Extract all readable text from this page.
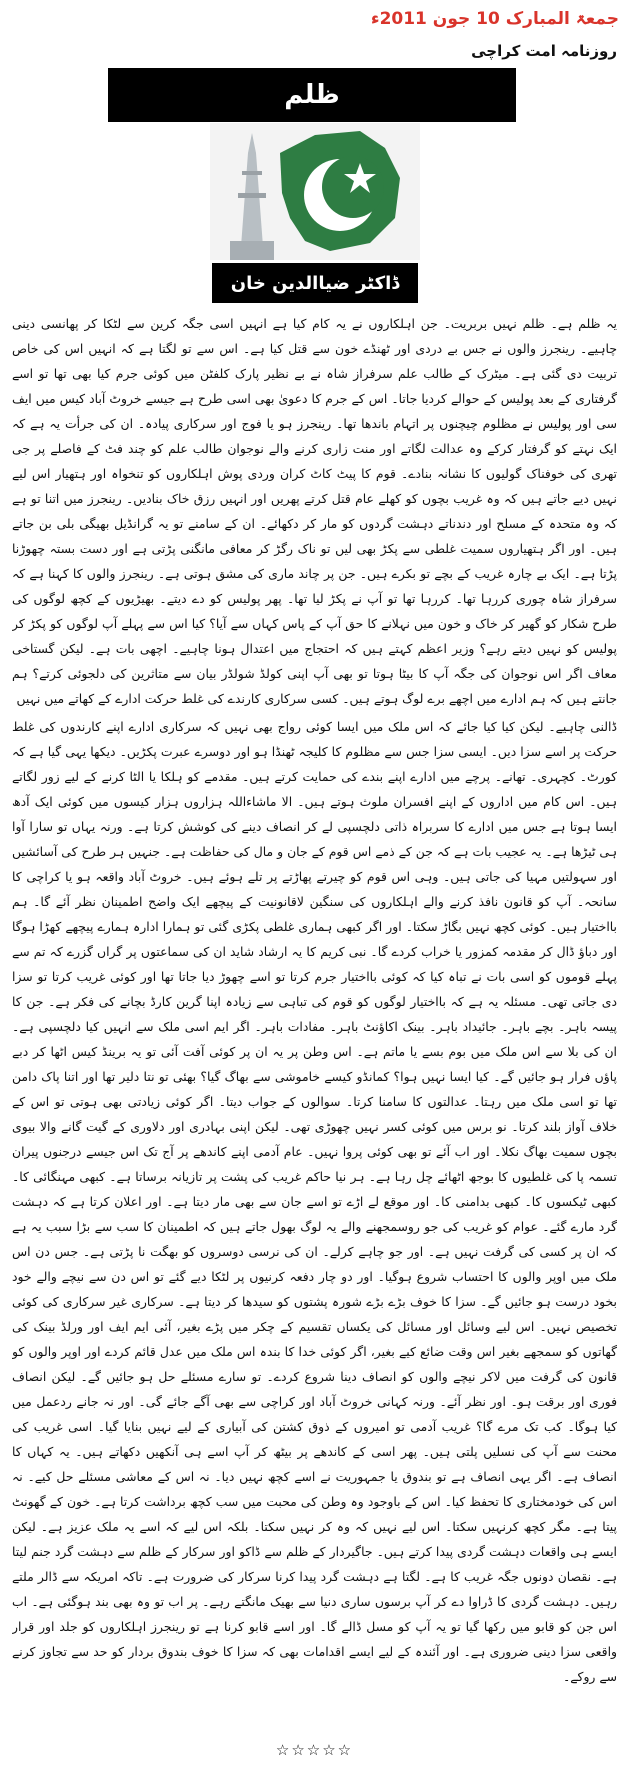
جمعۃ المبارک 10 جون 2011ء
روزنامہ امت کراچی
ظلم
ڈاکٹر ضیاالدین خان

یہ ظلم ہے۔ ظلم نہیں بربریت۔ جن اہلکاروں نے یہ کام کیا ہے انہیں اسی جگہ کرین سے لٹکا کر پھانسی دینی چاہیے۔ رینجرز والوں نے جس بے دردی اور ٹھنڈے خون سے قتل کیا ہے۔ اس سے تو لگتا ہے کہ انہیں اس کی خاص تربیت دی گئی ہے۔ میٹرک کے طالب علم سرفراز شاہ نے بے نظیر پارک کلفٹن میں کوئی جرم کیا بھی تھا تو اسے گرفتاری کے بعد پولیس کے حوالے کردیا جاتا۔ اس کے جرم کا دعویٰ بھی اسی طرح ہے جیسے خروٹ آباد کیس میں ایف سی اور پولیس نے مظلوم چیچنوں پر اتہام باندھا تھا۔ رینجرز ہو یا فوج اور سرکاری پیادہ۔ ان کی جرأت یہ ہے کہ ایک نہتے کو گرفتار کرکے وہ عدالت لگاتے اور منت زاری کرنے والے نوجوان طالب علم کو چند فٹ کے فاصلے پر جی تھری کی خوفناک گولیوں کا نشانہ بنادے۔ قوم کا پیٹ کاٹ کران وردی پوش اہلکاروں کو تنخواہ اور ہتھیار اس لیے نہیں دیے جاتے ہیں کہ وہ غریب بچوں کو کھلے عام قتل کرتے پھریں اور انہیں رزق خاک بنادیں۔ رینجرز میں اتنا تو ہے کہ وہ متحدہ کے مسلح اور دندناتے دہشت گردوں کو مار کر دکھائے۔ ان کے سامنے تو یہ گرانڈیل بھیگی بلی بن جاتے ہیں۔ اور اگر ہتھیاروں سمیت غلطی سے پکڑ بھی لیں تو ناک رگڑ کر معافی مانگنی پڑتی ہے اور دست بستہ چھوڑنا پڑتا ہے۔ ایک بے چارہ غریب کے بچے تو بکرے ہیں۔ جن پر چاند ماری کی مشق ہوتی ہے۔ رینجرز والوں کا کہنا ہے کہ سرفراز شاہ چوری کررہا تھا۔ کررہا تھا تو آپ نے پکڑ لیا تھا۔ پھر پولیس کو دے دیتے۔ بھیڑیوں کے کچھ لوگوں کی طرح شکار کو گھیر کر خاک و خون میں نہلانے کا حق آپ کے پاس کہاں سے آیا؟ کیا اس سے پہلے آپ لوگوں کو پکڑ کر پولیس کو نہیں دیتے رہے؟ وزیر اعظم کہتے ہیں کہ احتجاج میں اعتدال ہونا چاہیے۔ اچھی بات ہے۔ لیکن گستاخی معاف اگر اس نوجوان کی جگہ آپ کا بیٹا ہوتا تو بھی آپ اپنی کولڈ شولڈر بیان سے متاثرین کی دلجوئی کرتے؟ ہم جانتے ہیں کہ ہم ادارے میں اچھے برے لوگ ہوتے ہیں۔ کسی سرکاری کارندے کی غلط حرکت ادارے کے کھاتے میں نہیں

ڈالنی چاہیے۔ لیکن کیا کیا جائے کہ اس ملک میں ایسا کوئی رواج بھی نہیں کہ سرکاری ادارے اپنے کارندوں کی غلط حرکت پر اسے سزا دیں۔ ایسی سزا جس سے مظلوم کا کلیجہ ٹھنڈا ہو اور دوسرے عبرت پکڑیں۔ دیکھا یہی گیا ہے کہ کورٹ۔ کچہری۔ تھانے۔ پرچے میں ادارے اپنے بندے کی حمایت کرتے ہیں۔ مقدمے کو ہلکا یا الٹا کرنے کے لیے زور لگاتے ہیں۔ اس کام میں اداروں کے اپنے افسران ملوث ہوتے ہیں۔ الا ماشاءاللہ ہزاروں ہزار کیسوں میں کوئی ایک آدھ ایسا ہوتا ہے جس میں ادارے کا سربراہ ذاتی دلچسپی لے کر انصاف دینے کی کوشش کرتا ہے۔ ورنہ یہاں تو سارا آوا ہی ٹیڑھا ہے۔ یہ عجیب بات ہے کہ جن کے ذمے اس قوم کے جان و مال کی حفاظت ہے۔ جنہیں ہر طرح کی آسائشیں اور سہولتیں مہیا کی جاتی ہیں۔ وہی اس قوم کو چیرتے پھاڑتے پر تلے ہوئے ہیں۔ خروٹ آباد واقعہ ہو یا کراچی کا سانحہ۔ آپ کو قانون نافذ کرنے والے اہلکاروں کی سنگین لاقانونیت کے پیچھے ایک واضح اطمینان نظر آئے گا۔ ہم بااختیار ہیں۔ کوئی کچھ نہیں بگاڑ سکتا۔ اور اگر کبھی ہماری غلطی پکڑی گئی تو ہمارا ادارہ ہمارے پیچھے کھڑا ہوگا اور دباؤ ڈال کر مقدمہ کمزور یا خراب کردے گا۔ نبی کریم کا یہ ارشاد شاید ان کی سماعتوں پر گراں گزرے کہ تم سے پہلے قوموں کو اسی بات نے تباہ کیا کہ کوئی بااختیار جرم کرتا تو اسے چھوڑ دیا جاتا تھا اور کوئی غریب کرتا تو سزا دی جاتی تھی۔ مسئلہ یہ ہے کہ بااختیار لوگوں کو قوم کی تباہی سے زیادہ اپنا گرین کارڈ بچانے کی فکر ہے۔ جن کا پیسہ باہر۔ بچے باہر۔ جائیداد باہر۔ بینک اکاؤنٹ باہر۔ مفادات باہر۔ اگر ایم اسی ملک سے انہیں کیا دلچسپی ہے۔ ان کی بلا سے اس ملک میں بوم بسے یا ماتم ہے۔ اس وطن پر یہ ان پر کوئی آفت آئی تو یہ برینڈ کیس اٹھا کر دبے پاؤں فرار ہو جائیں گے۔ کیا ایسا نہیں ہوا؟ کمانڈو کیسے خاموشی سے بھاگ گیا؟ بھئی تو نتا دلیر تھا اور اتنا پاک دامن تھا تو اسی ملک میں رہتا۔ عدالتوں کا سامنا کرتا۔ سوالوں کے جواب دیتا۔ اگر کوئی زیادتی بھی ہوتی تو اس کے خلاف آواز بلند کرتا۔ نو برس میں کوئی کسر نہیں چھوڑی تھی۔ لیکن اپنی بہادری اور دلاوری کے گیت گانے والا بیوی بچوں سمیت بھاگ نکلا۔ اور اب آئے تو بھی کوئی پروا نہیں۔ عام آدمی اپنے کاندھے پر آج تک اس جیسے درجنوں پیران تسمہ پا کی غلطیوں کا بوجھ اٹھائے چل رہا ہے۔ ہر نیا حاکم غریب کی پشت پر تازیانہ برساتا ہے۔ کبھی مہنگائی کا۔ کبھی ٹیکسوں کا۔ کبھی بدامنی کا۔ اور موقع لے اڑے تو اسے جان سے بھی مار دیتا ہے۔ اور اعلان کرتا ہے کہ دہشت گرد مارے گئے۔ عوام کو غریب کی جو روسمجھنے والے یہ لوگ بھول جاتے ہیں کہ اطمینان کا سب سے بڑا سبب یہ ہے کہ ان پر کسی کی گرفت نہیں ہے۔ اور جو چاہے کرلے۔ ان کی نرسی دوسروں کو بھگت نا پڑتی ہے۔ جس دن اس ملک میں اوپر والوں کا احتساب شروع ہوگیا۔ اور دو چار دفعہ کرنیوں پر لٹکا دیے گئے تو اس دن سے نیچے والے خود بخود درست ہو جائیں گے۔ سزا کا خوف بڑے بڑے شورہ پشتوں کو سیدھا کر دیتا ہے۔ سرکاری غیر سرکاری کی کوئی تخصیص نہیں۔ اس لیے وسائل اور مسائل کی یکساں تقسیم کے چکر میں پڑے بغیر، آئی ایم ایف اور ورلڈ بینک کی گھاتوں کو سمجھے بغیر اس وقت ضائع کیے بغیر، اگر کوئی خدا کا بندہ اس ملک میں عدل قائم کردے اور اوپر والوں کو قانون کی گرفت میں لاکر نیچے والوں کو انصاف دینا شروع کردے۔ تو سارے مسئلے حل ہو جائیں گے۔ لیکن انصاف فوری اور برقت ہو۔ اور نظر آئے۔ ورنہ کہانی خروٹ آباد اور کراچی سے بھی آگے جائے گی۔ اور نہ جانے ردعمل میں کیا ہوگا۔ کب تک مرے گا؟ غریب آدمی تو امیروں کے ذوق کشتن کی آبیاری کے لیے نہیں بنایا گیا۔ اسی غریب کی محنت سے آپ کی نسلیں پلتی ہیں۔ پھر اسی کے کاندھے پر بیٹھ کر آپ اسے ہی آنکھیں دکھاتے ہیں۔ یہ کہاں کا انصاف ہے۔ اگر یہی انصاف ہے تو بندوق یا جمہوریت نے اسے کچھ نہیں دیا۔ نہ اس کے معاشی مسئلے حل کیے۔ نہ اس کی خودمختاری کا تحفظ کیا۔ اس کے باوجود وہ وطن کی محبت میں سب کچھ برداشت کرتا ہے۔ خون کے گھونٹ پیتا ہے۔ مگر کچھ کرنہیں سکتا۔ اس لیے نہیں کہ وہ کر نہیں سکتا۔ بلکہ اس لیے کہ اسے یہ ملک عزیز ہے۔ لیکن ایسے ہی واقعات دہشت گردی پیدا کرتے ہیں۔ جاگیردار کے ظلم سے ڈاکو اور سرکار کے ظلم سے دہشت گرد جنم لیتا ہے۔ نقصان دونوں جگہ غریب کا ہے۔ لگتا ہے دہشت گرد پیدا کرنا سرکار کی ضرورت ہے۔ تاکہ امریکہ سے ڈالر ملتے رہیں۔ دہشت گردی کا ڈراوا دے کر آپ برسوں ساری دنیا سے بھیک مانگتے رہے۔ پر اب تو وہ بھی بند ہوگئی ہے۔ اب اس جن کو قابو میں رکھا گیا تو یہ آپ کو مسل ڈالے گا۔ اور اسے قابو کرنا ہے تو رینجرز اہلکاروں کو جلد اور قرار واقعی سزا دینی ضروری ہے۔ اور آئندہ کے لیے ایسے اقدامات بھی کہ سزا کا خوف بندوق بردار کو حد سے تجاوز کرنے سے روکے۔

☆☆☆☆☆
